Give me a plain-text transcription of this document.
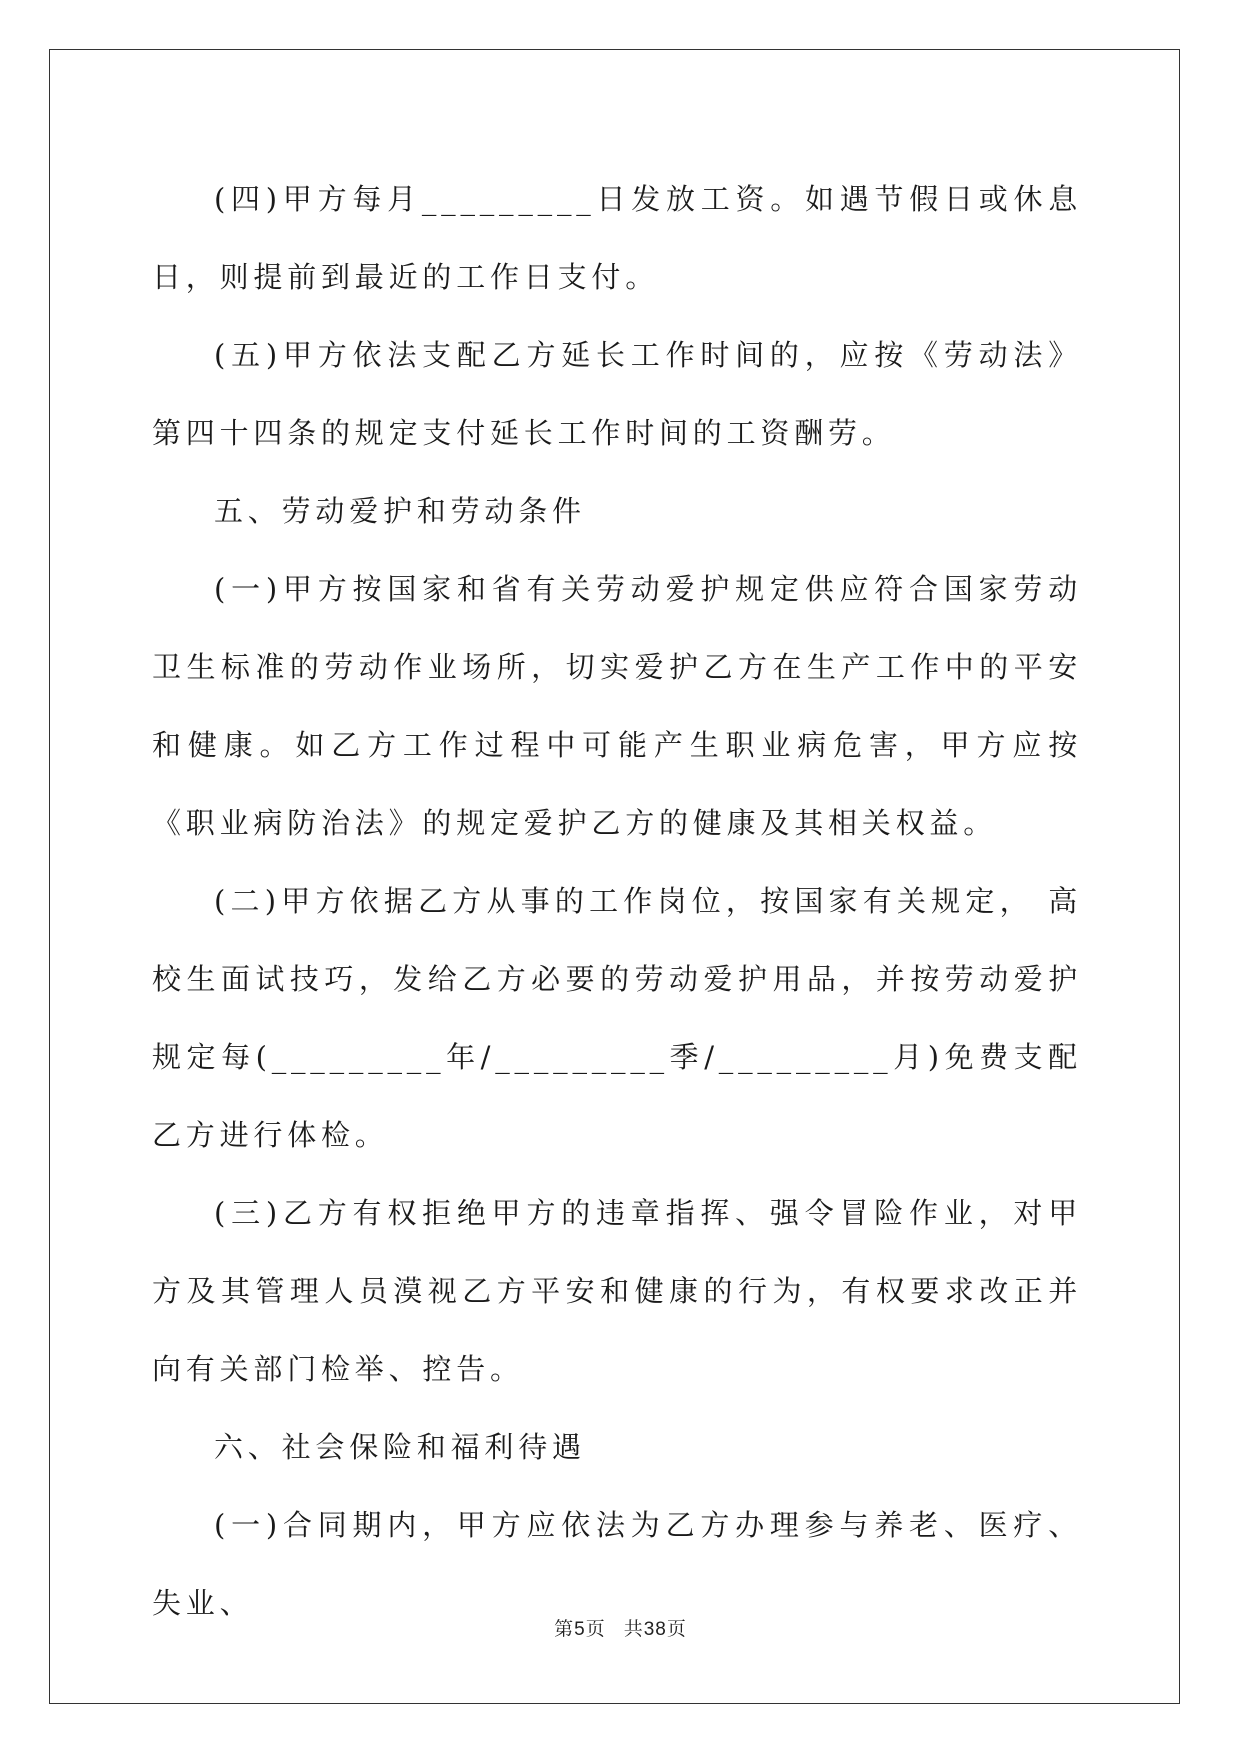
(四)甲方每月_________日发放工资。如遇节假日或休息日，则提前到最近的工作日支付。

(五)甲方依法支配乙方延长工作时间的，应按《劳动法》第四十四条的规定支付延长工作时间的工资酬劳。

五、劳动爱护和劳动条件

(一)甲方按国家和省有关劳动爱护规定供应符合国家劳动卫生标准的劳动作业场所，切实爱护乙方在生产工作中的平安和健康。如乙方工作过程中可能产生职业病危害，甲方应按《职业病防治法》的规定爱护乙方的健康及其相关权益。

(二)甲方依据乙方从事的工作岗位，按国家有关规定， 高校生面试技巧，发给乙方必要的劳动爱护用品，并按劳动爱护规定每(_________年/_________季/_________月)免费支配乙方进行体检。

(三)乙方有权拒绝甲方的违章指挥、强令冒险作业，对甲方及其管理人员漠视乙方平安和健康的行为，有权要求改正并向有关部门检举、控告。

六、社会保险和福利待遇

(一)合同期内，甲方应依法为乙方办理参与养老、医疗、失业、

第5页 共38页
